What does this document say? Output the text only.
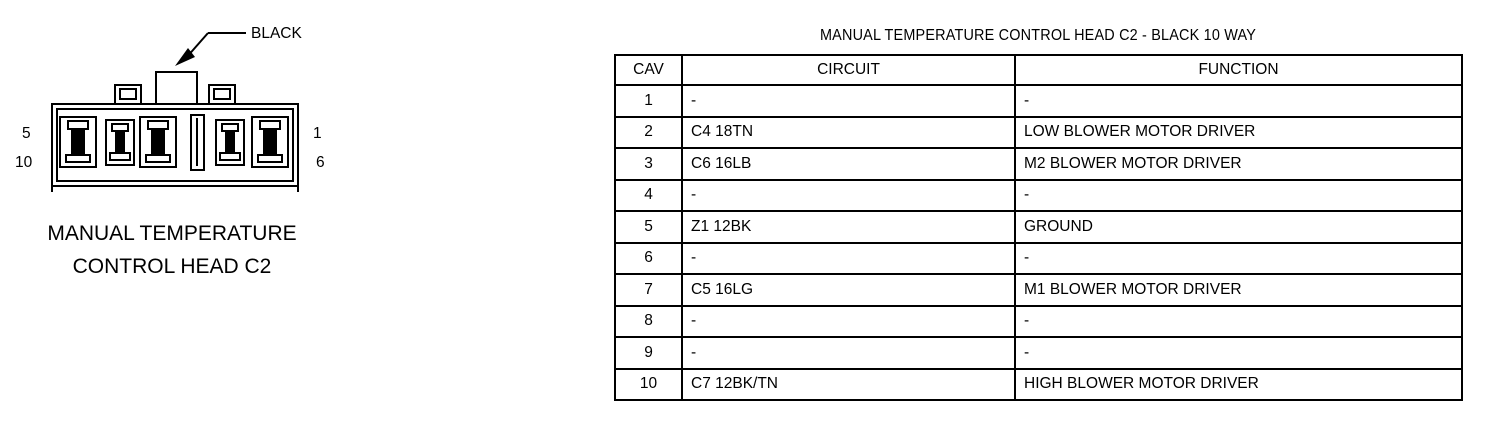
BLACK
5
10
1
6
MANUAL TEMPERATURE
CONTROL HEAD C2
MANUAL TEMPERATURE CONTROL HEAD C2 - BLACK 10 WAY
CAV	CIRCUIT	FUNCTION
1	-	-
2	C4 18TN	LOW BLOWER MOTOR DRIVER
3	C6 16LB	M2 BLOWER MOTOR DRIVER
4	-	-
5	Z1 12BK	GROUND
6	-	-
7	C5 16LG	M1 BLOWER MOTOR DRIVER
8	-	-
9	-	-
10	C7 12BK/TN	HIGH BLOWER MOTOR DRIVER
